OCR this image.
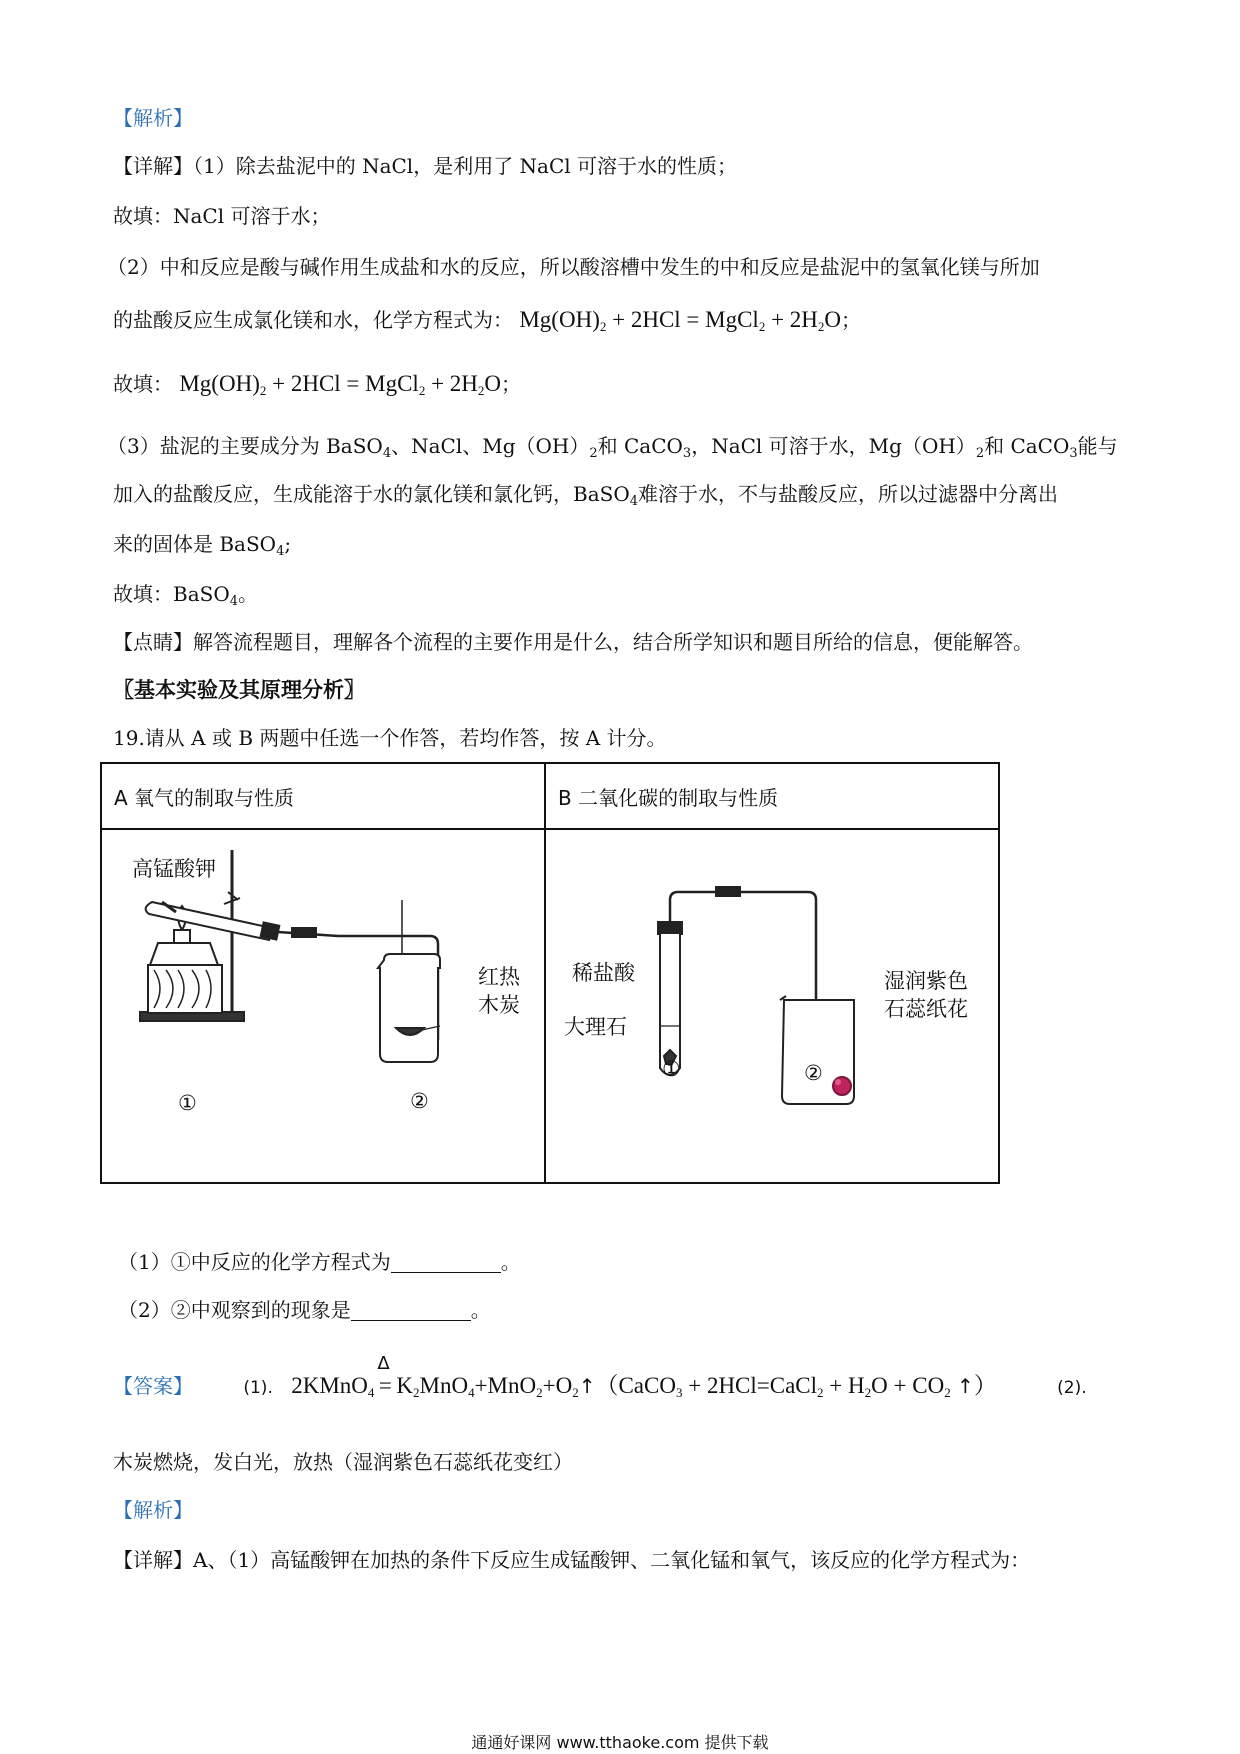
【解析】
【详解】（1）除去盐泥中的 NaCl，是利用了 NaCl 可溶于水的性质；
故填：NaCl 可溶于水；
（2）中和反应是酸与碱作用生成盐和水的反应，所以酸溶槽中发生的中和反应是盐泥中的氢氧化镁与所加
的盐酸反应生成氯化镁和水，化学方程式为： $Mg(OH)_2 + 2HCl$ = MgCl$_2$ + $2H_2O$；
故填： $Mg(OH)_2 + 2HCl$ = MgCl$_2$ + $2H_2O$；
（3）盐泥的主要成分为 BaSO$_4$、NaCl、$Mg(OH)_2$和 CaCO$_3$，NaCl 可溶于水，$Mg(OH)_2$和 CaCO$_3$能与
加入的盐酸反应，生成能溶于水的氯化镁和氯化钙，BaSO$_4$难溶于水，不与盐酸反应，所以过滤器中分离出
来的固体是 BaSO$_4$;
故填：BaSO$_4$。
【点睛】解答流程题目，理解各个流程的主要作用是什么，结合所学知识和题目所给的信息，便能解答。
〖基本实验及其原理分析〗
19.请从 A 或 B 两题中任选一个作答，若均作答，按 A 计分。
A 氧气的制取与性质	B 二氧化碳的制取与性质
高锰酸钾
红热
木炭
①	②
稀盐酸
大理石
湿润紫色
石蕊纸花
①	②
（1）①中反应的化学方程式为	。
（2）②中观察到的现象是	。
【答案】	(1). 2KMnO$_4$
Δ
= $K_2MnO_4+MnO_2+O_2↑(CaCO_3$ + 2HCl=CaCl$_2$ + $H_2O + CO_2$ ↑）	(2).
木炭燃烧，发白光，放热（湿润紫色石蕊纸花变红）
【解析】
【详解】A、（1）高锰酸钾在加热的条件下反应生成锰酸钾、二氧化锰和氧气，该反应的化学方程式为：
通通好课网 www.tthaoke.com 提供下载
